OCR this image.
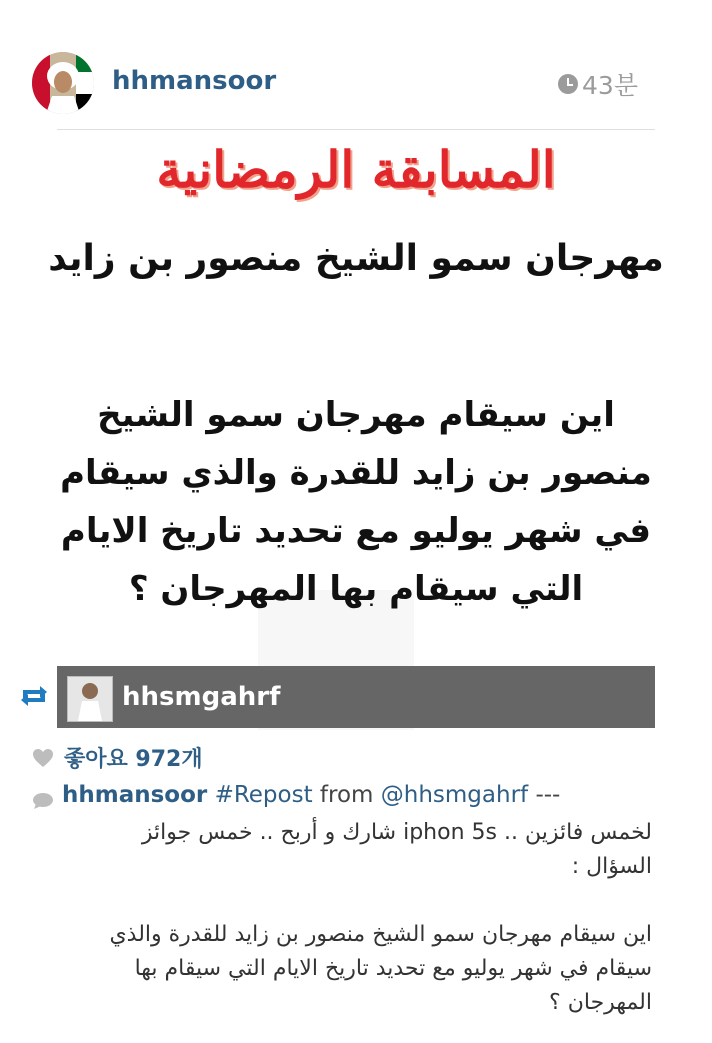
hhmansoor	43분
المسابقة الرمضانية
مهرجان سمو الشيخ منصور بن زايد
اين سيقام مهرجان سمو الشيخ منصور بن زايد للقدرة والذي سيقام في شهر يوليو مع تحديد تاريخ الايام التي سيقام بها المهرجان ؟
hhsmgahrf
좋아요 972개
hhmansoor #Repost from @hhsmgahrf ---
لخمس فائزين .. iphon 5s شارك و أربح .. خمس جوائز
السؤال :
اين سيقام مهرجان سمو الشيخ منصور بن زايد للقدرة والذي
سيقام في شهر يوليو مع تحديد تاريخ الايام التي سيقام بها
المهرجان ؟
